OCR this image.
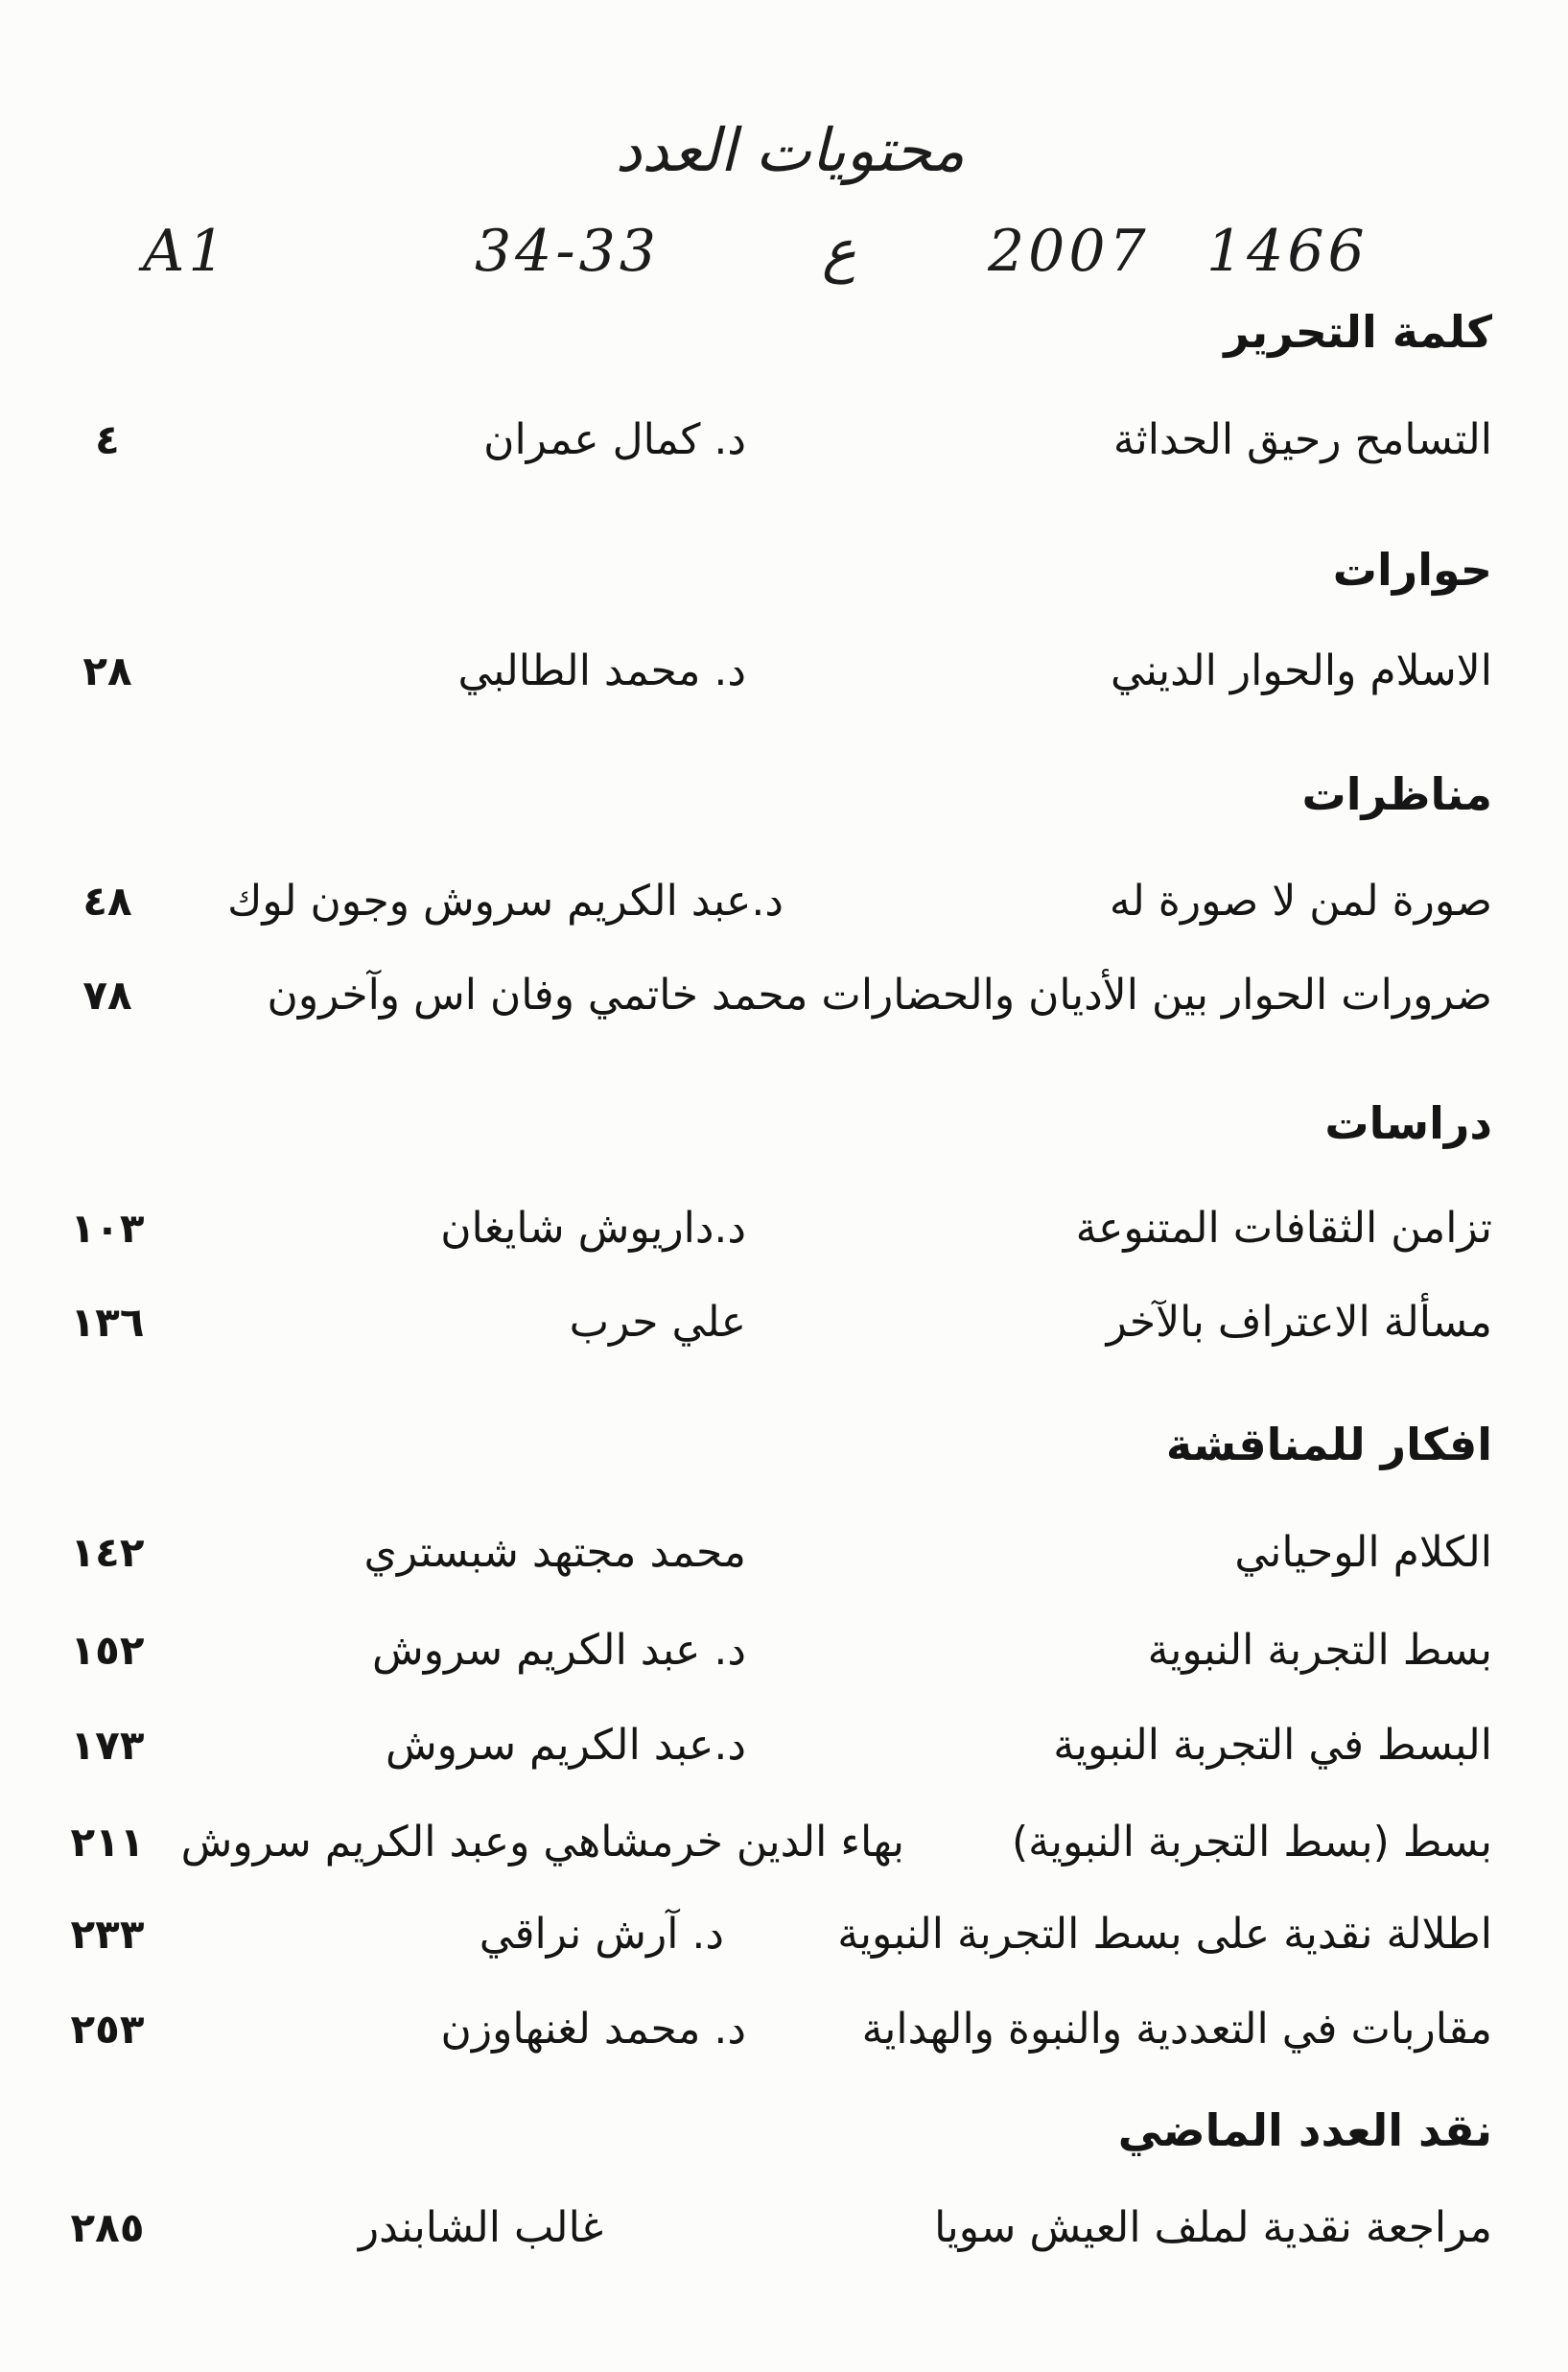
محتويات العدد
A1	34-33	ع 2007 1466
كلمة التحرير
التسامح رحيق الحداثة
د. كمال عمران
٤
حوارات
الاسلام والحوار الديني
د. محمد الطالبي
٢٨
مناظرات
صورة لمن لا صورة له
د.عبد الكريم سروش وجون لوك
٤٨
ضرورات الحوار بين الأديان والحضاراتمحمد خاتمي وفان اس وآخرون
٧٨
دراسات
تزامن الثقافات المتنوعة
د.داريوش شايغان
١٠٣
مسألة الاعتراف بالآخر
علي حرب
١٣٦
افكار للمناقشة
الكلام الوحياني
محمد مجتهد شبستري
١٤٢
بسط التجربة النبوية
د. عبد الكريم سروش
١٥٢
البسط في التجربة النبوية
د.عبد الكريم سروش
١٧٣
بسط (بسط التجربة النبوية)
بهاء الدين خرمشاهي وعبد الكريم سروش
٢١١
اطلالة نقدية على بسط التجربة النبوية
د. آرش نراقي
٢٣٣
مقاربات في التعددية والنبوة والهداية
د. محمد لغنهاوزن
٢٥٣
نقد العدد الماضي
مراجعة نقدية لملف العيش سويا
غالب الشابندر
٢٨٥
